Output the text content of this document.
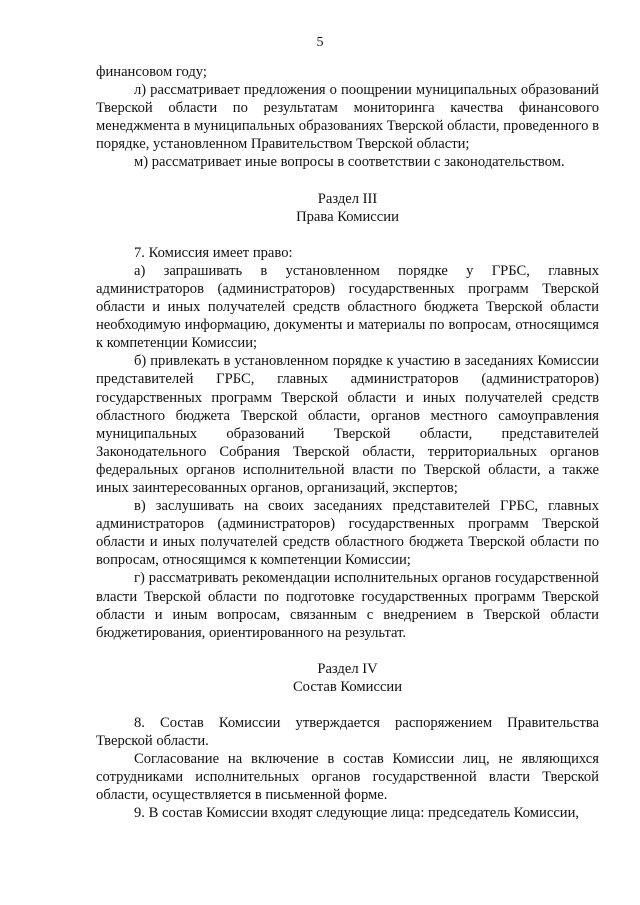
5

финансовом году;

л) рассматривает предложения о поощрении муниципальных образований Тверской области по результатам мониторинга качества финансового менеджмента в муниципальных образованиях Тверской области, проведенного в порядке, установленном Правительством Тверской области;

м) рассматривает иные вопросы в соответствии с законодательством.

Раздел III

Права Комиссии

7. Комиссия имеет право:

а) запрашивать в установленном порядке у ГРБС, главных администраторов (администраторов) государственных программ Тверской области и иных получателей средств областного бюджета Тверской области необходимую информацию, документы и материалы по вопросам, относящимся к компетенции Комиссии;

б) привлекать в установленном порядке к участию в заседаниях Комиссии представителей ГРБС, главных администраторов (администраторов) государственных программ Тверской области и иных получателей средств областного бюджета Тверской области, органов местного самоуправления муниципальных образований Тверской области, представителей Законодательного Собрания Тверской области, территориальных органов федеральных органов исполнительной власти по Тверской области, а также иных заинтересованных органов, организаций, экспертов;

в) заслушивать на своих заседаниях представителей ГРБС, главных администраторов (администраторов) государственных программ Тверской области и иных получателей средств областного бюджета Тверской области по вопросам, относящимся к компетенции Комиссии;

г) рассматривать рекомендации исполнительных органов государственной власти Тверской области по подготовке государственных программ Тверской области и иным вопросам, связанным с внедрением в Тверской области бюджетирования, ориентированного на результат.

Раздел IV

Состав Комиссии

8. Состав Комиссии утверждается распоряжением Правительства Тверской области.

Согласование на включение в состав Комиссии лиц, не являющихся сотрудниками исполнительных органов государственной власти Тверской области, осуществляется в письменной форме.

9. В состав Комиссии входят следующие лица: председатель Комиссии,
